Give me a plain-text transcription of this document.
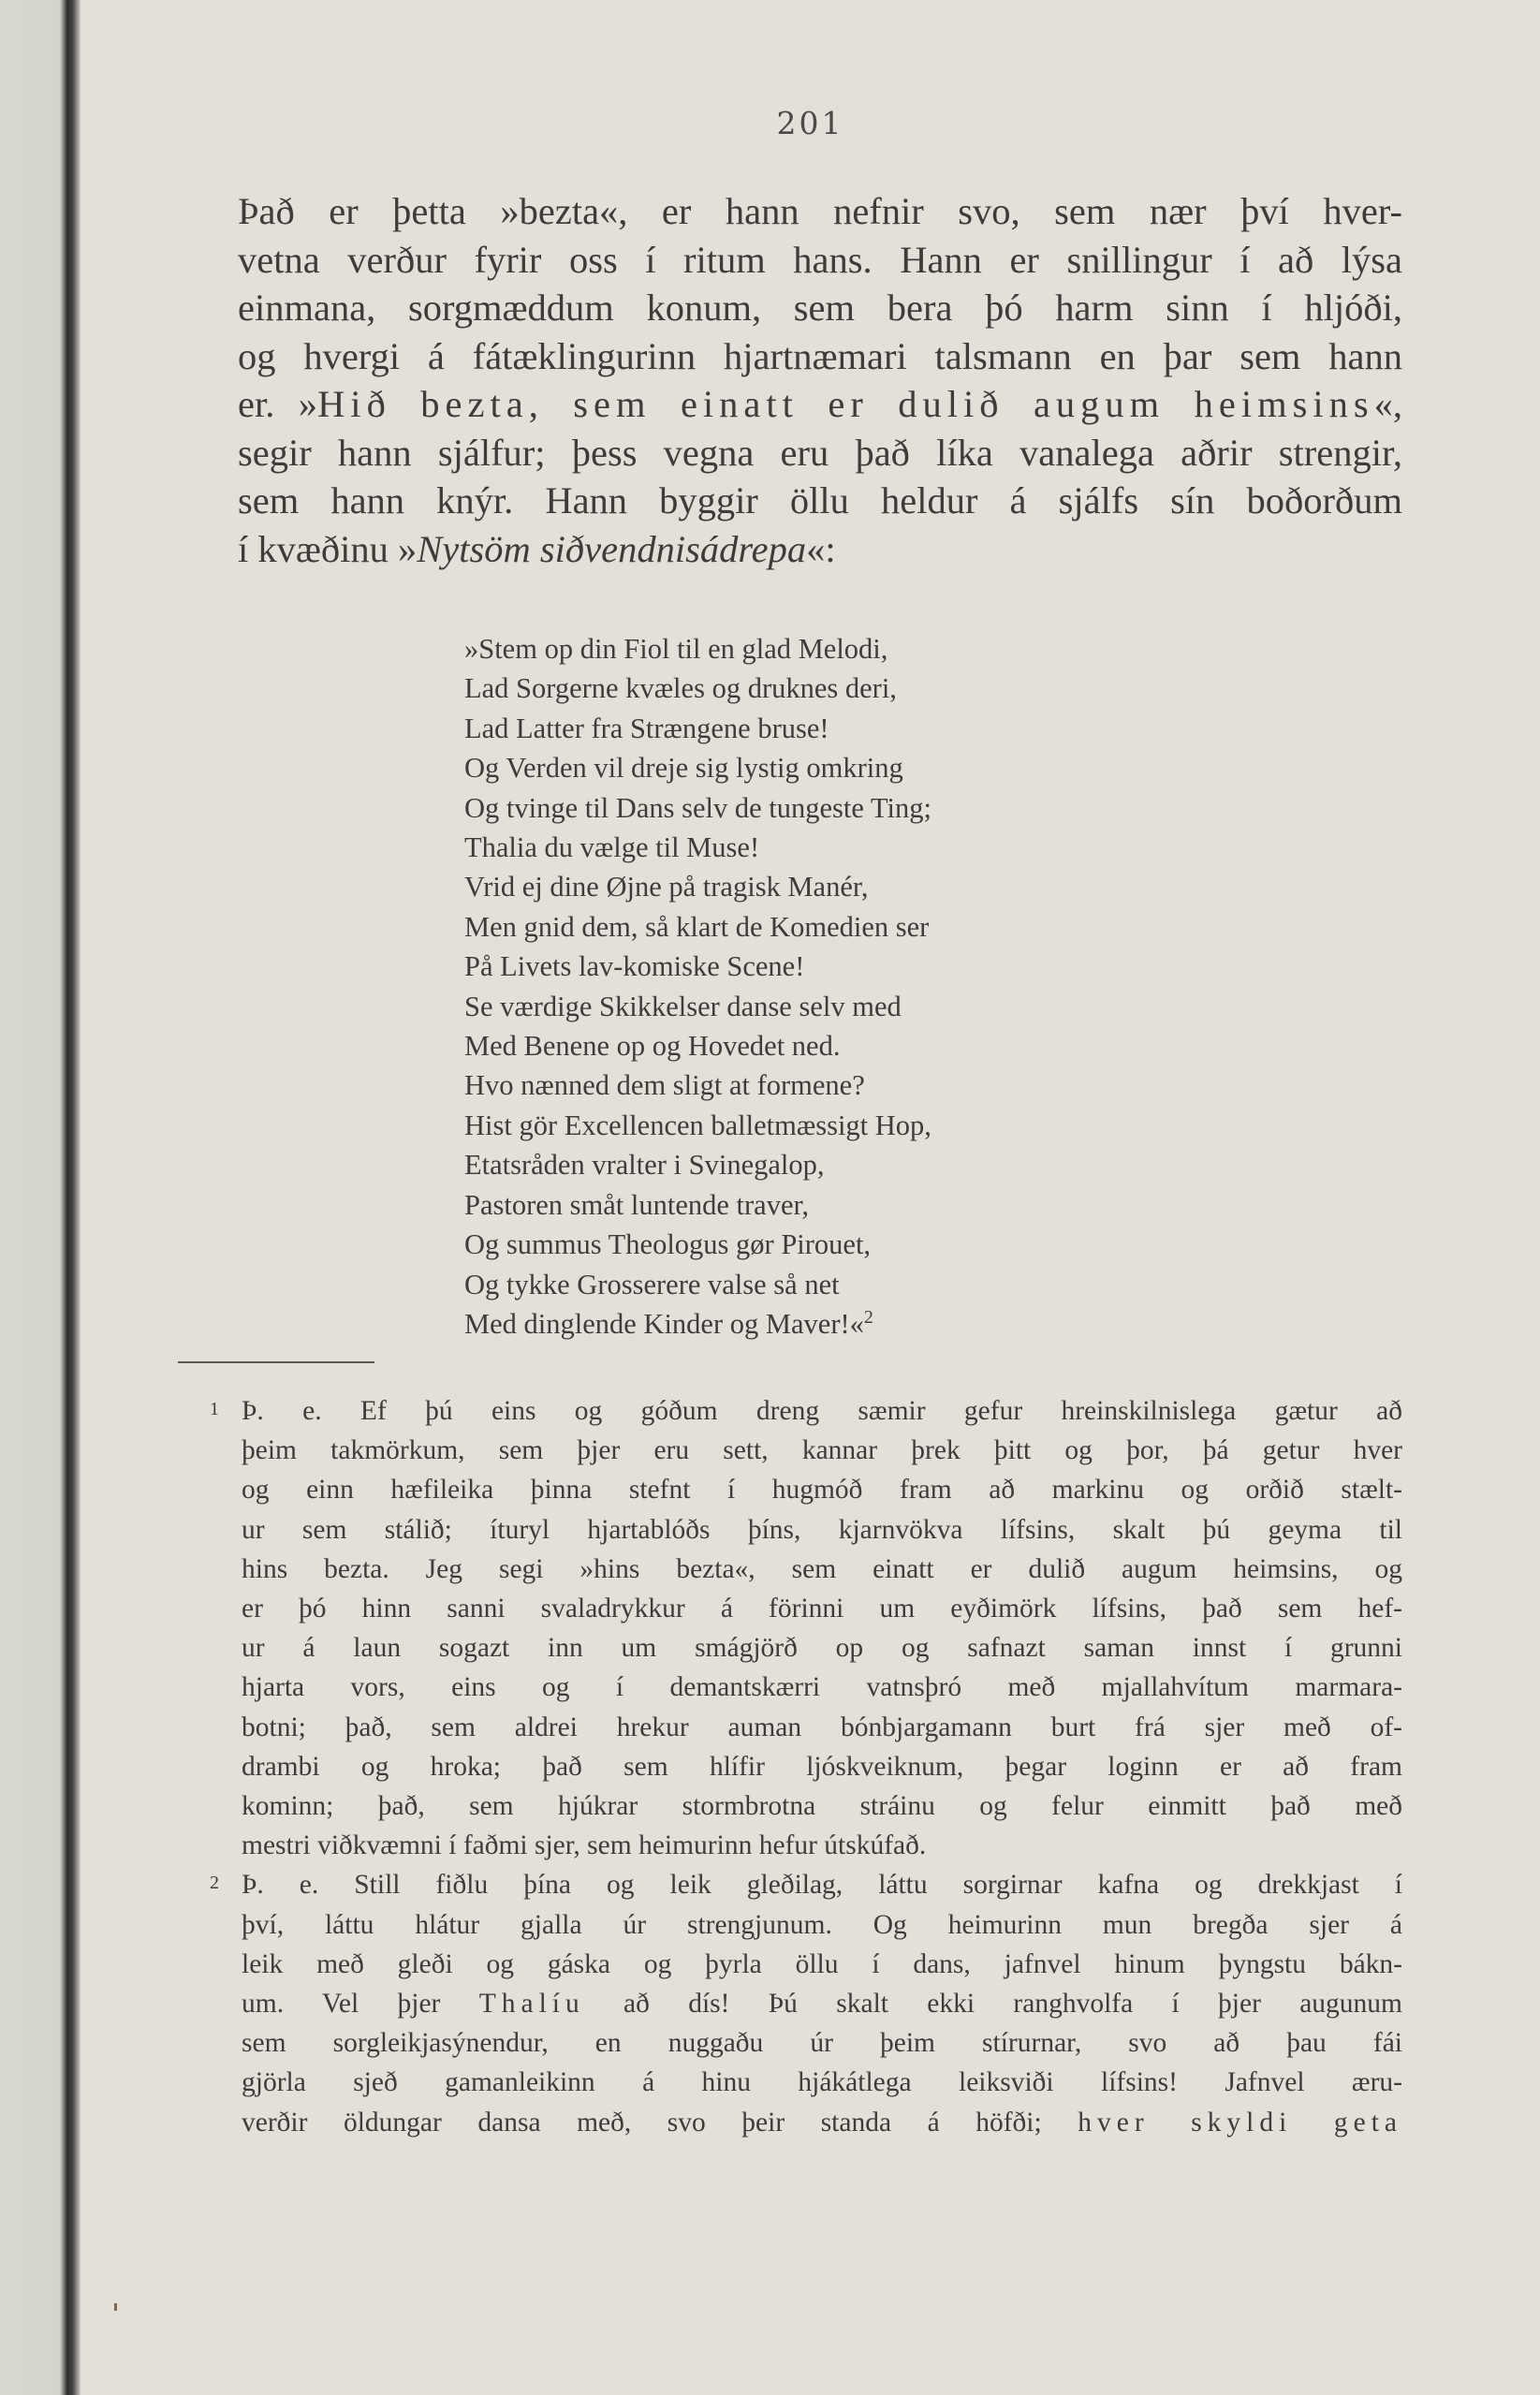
201
Það er þetta »bezta«, er hann nefnir svo, sem nær því hver-
vetna verður fyrir oss í ritum hans. Hann er snillingur í að lýsa
einmana, sorgmæddum konum, sem bera þó harm sinn í hljóði,
og hvergi á fátæklingurinn hjartnæmari talsmann en þar sem hann
er. »Hið bezta, sem einatt er dulið augum heimsins«,
segir hann sjálfur; þess vegna eru það líka vanalega aðrir strengir,
sem hann knýr. Hann byggir öllu heldur á sjálfs sín boðorðum
í kvæðinu »Nytsöm siðvendnisádrepa«:
»Stem op din Fiol til en glad Melodi,
Lad Sorgerne kvæles og druknes deri,
Lad Latter fra Strængene bruse!
Og Verden vil dreje sig lystig omkring
Og tvinge til Dans selv de tungeste Ting;
Thalia du vælge til Muse!
Vrid ej dine Øjne på tragisk Manér,
Men gnid dem, så klart de Komedien ser
På Livets lav-komiske Scene!
Se værdige Skikkelser danse selv med
Med Benene op og Hovedet ned.
Hvo nænned dem sligt at formene?
Hist gör Excellencen balletmæssigt Hop,
Etatsråden vralter i Svinegalop,
Pastoren småt luntende traver,
Og summus Theologus gør Pirouet,
Og tykke Grosserere valse så net
Med dinglende Kinder og Maver!«$^2$
1 Þ. e. Ef þú eins og góðum dreng sæmir gefur hreinskilnislega gætur að
þeim takmörkum, sem þjer eru sett, kannar þrek þitt og þor, þá getur hver
og einn hæfileika þinna stefnt í hugmóð fram að markinu og orðið stælt-
ur sem stálið; íturyl hjartablóðs þíns, kjarnvökva lífsins, skalt þú geyma til
hins bezta. Jeg segi »hins bezta«, sem einatt er dulið augum heimsins, og
er þó hinn sanni svaladrykkur á förinni um eyðimörk lífsins, það sem hef-
ur á laun sogazt inn um smágjörð op og safnazt saman innst í grunni
hjarta vors, eins og í demantskærri vatnsþró með mjallahvítum marmara-
botni; það, sem aldrei hrekur auman bónbjargamann burt frá sjer með of-
drambi og hroka; það sem hlífir ljóskveiknum, þegar loginn er að fram
kominn; það, sem hjúkrar stormbrotna stráinu og felur einmitt það með
mestri viðkvæmni í faðmi sjer, sem heimurinn hefur útskúfað.
2 Þ. e. Still fiðlu þína og leik gleðilag, láttu sorgirnar kafna og drekkjast í
því, láttu hlátur gjalla úr strengjunum. Og heimurinn mun bregða sjer á
leik með gleði og gáska og þyrla öllu í dans, jafnvel hinum þyngstu bákn-
um. Vel þjer Thalíu að dís! Þú skalt ekki ranghvolfa í þjer augunum
sem sorgleikjasýnendur, en nuggaðu úr þeim stírurnar, svo að þau fái
gjörla sjeð gamanleikinn á hinu hjákátlega leiksviði lífsins! Jafnvel æru-
verðir öldungar dansa með, svo þeir standa á höfði; hver skyldi geta
